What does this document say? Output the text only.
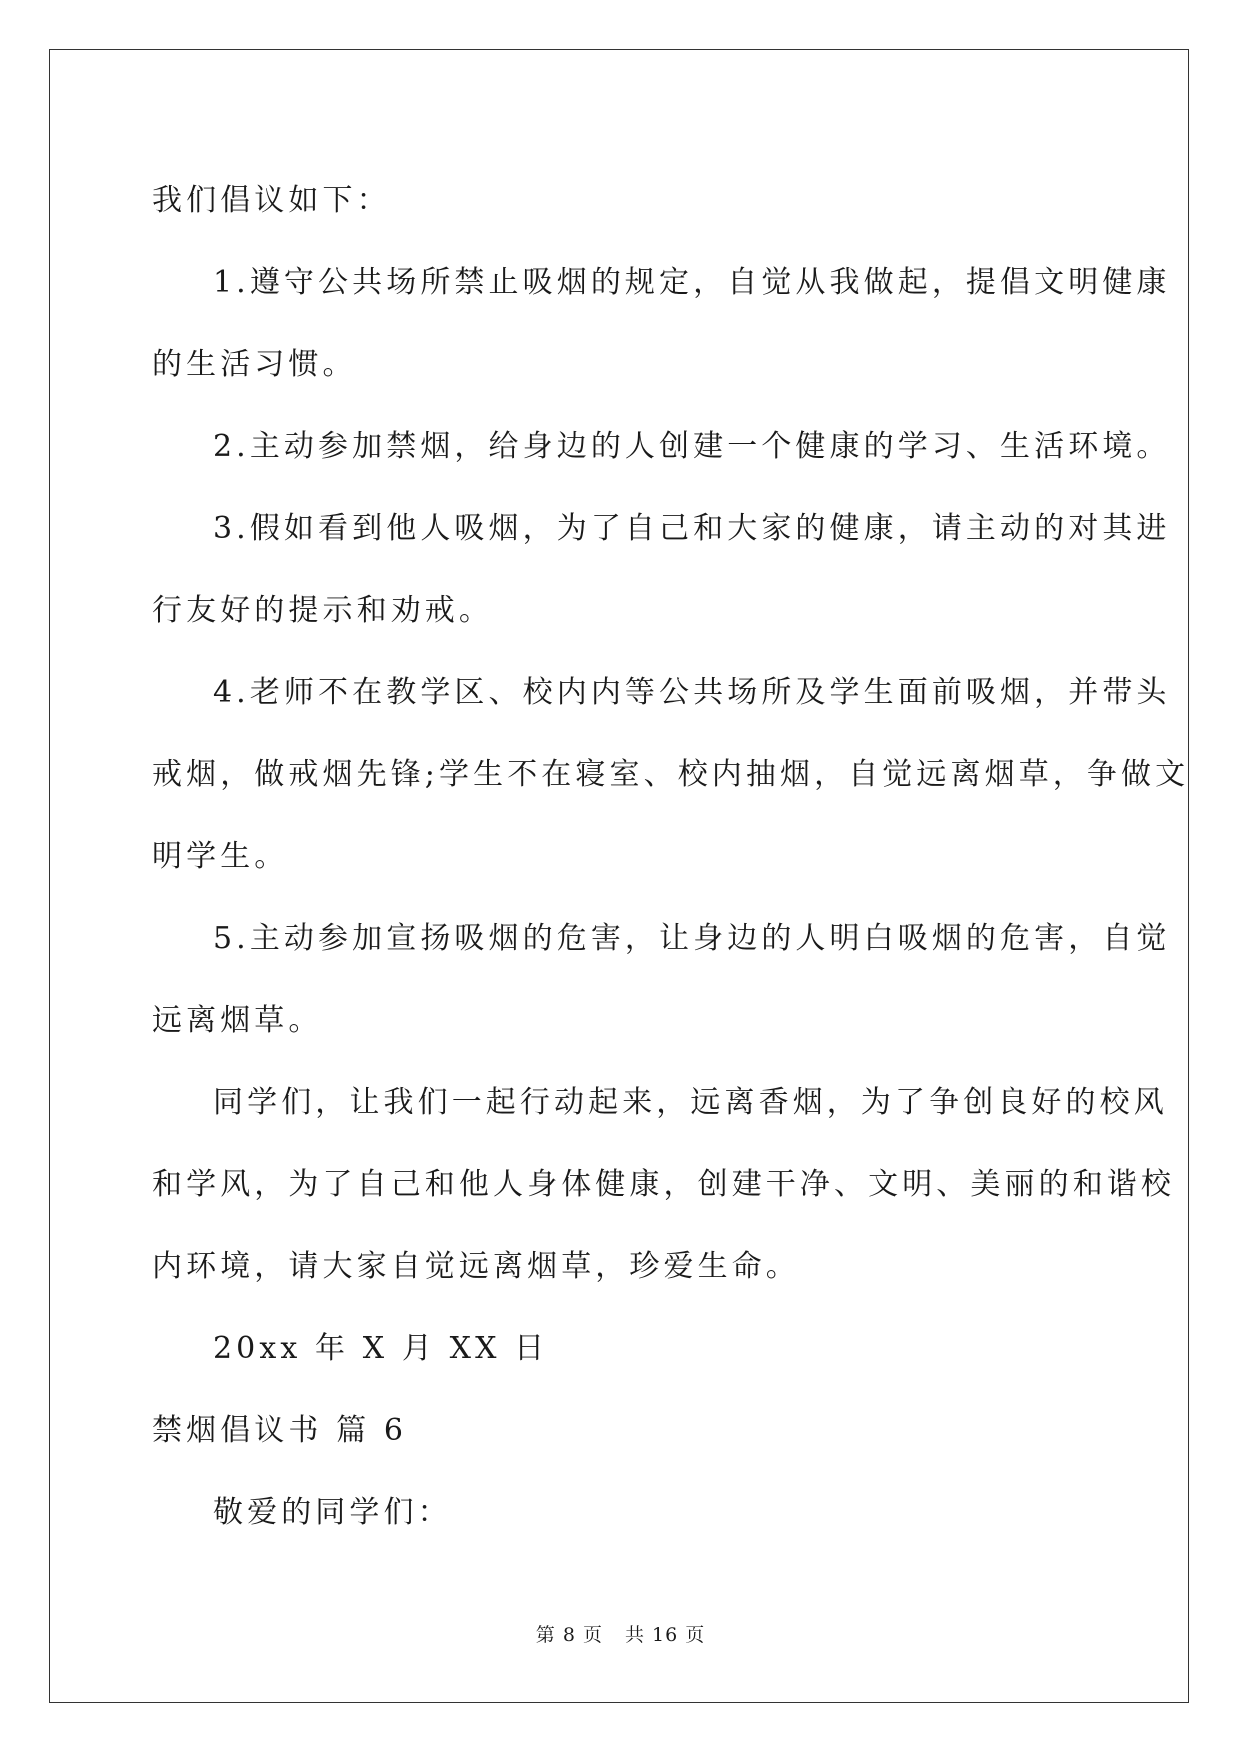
我们倡议如下：

1.遵守公共场所禁止吸烟的规定，自觉从我做起，提倡文明健康

的生活习惯。

2.主动参加禁烟，给身边的人创建一个健康的学习、生活环境。

3.假如看到他人吸烟，为了自己和大家的健康，请主动的对其进

行友好的提示和劝戒。

4.老师不在教学区、校内内等公共场所及学生面前吸烟，并带头

戒烟，做戒烟先锋;学生不在寝室、校内抽烟，自觉远离烟草，争做文

明学生。

5.主动参加宣扬吸烟的危害，让身边的人明白吸烟的危害，自觉

远离烟草。

同学们，让我们一起行动起来，远离香烟，为了争创良好的校风

和学风，为了自己和他人身体健康，创建干净、文明、美丽的和谐校

内环境，请大家自觉远离烟草，珍爱生命。

20xx 年 X 月 XX 日

禁烟倡议书 篇 6

敬爱的同学们：

第 8 页 共 16 页
